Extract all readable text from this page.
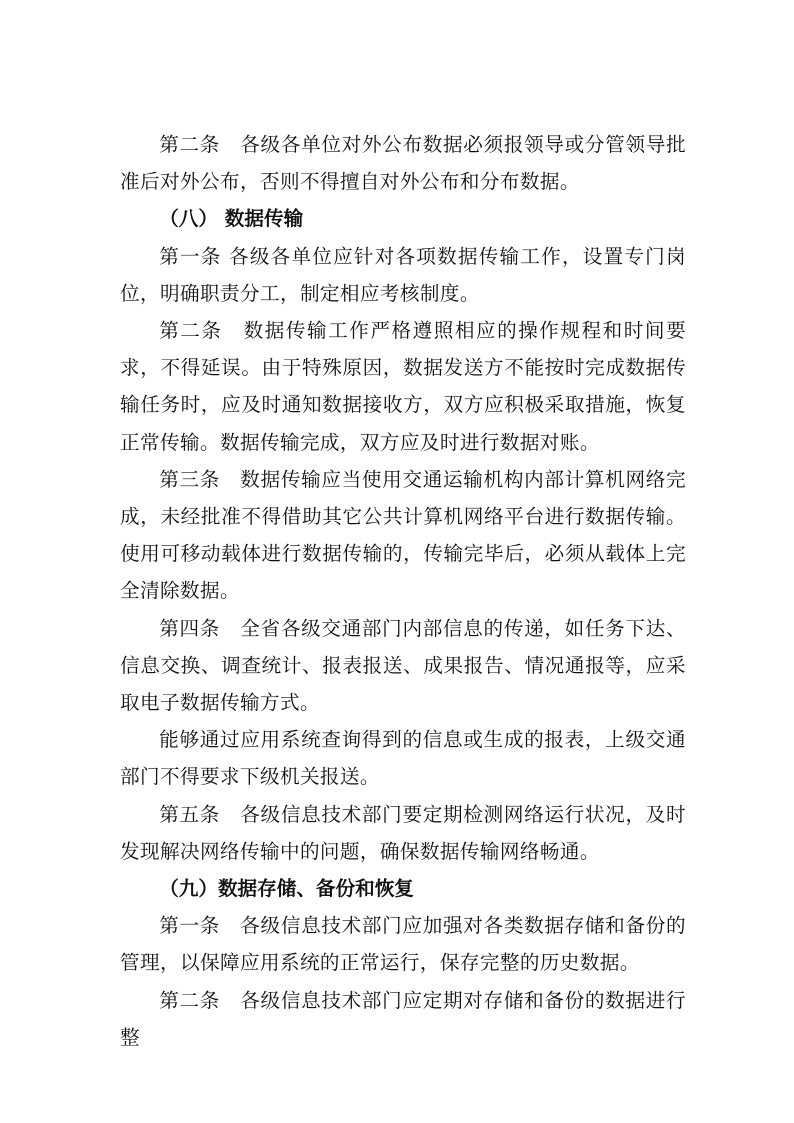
第二条　各级各单位对外公布数据必须报领导或分管领导批准后对外公布，否则不得擅自对外公布和分布数据。

（八） 数据传输

第一条 各级各单位应针对各项数据传输工作，设置专门岗位，明确职责分工，制定相应考核制度。

第二条　数据传输工作严格遵照相应的操作规程和时间要求，不得延误。由于特殊原因，数据发送方不能按时完成数据传输任务时，应及时通知数据接收方，双方应积极采取措施，恢复正常传输。数据传输完成，双方应及时进行数据对账。

第三条　数据传输应当使用交通运输机构内部计算机网络完成，未经批准不得借助其它公共计算机网络平台进行数据传输。使用可移动载体进行数据传输的，传输完毕后，必须从载体上完全清除数据。

第四条　全省各级交通部门内部信息的传递，如任务下达、信息交换、调查统计、报表报送、成果报告、情况通报等，应采取电子数据传输方式。

能够通过应用系统查询得到的信息或生成的报表，上级交通部门不得要求下级机关报送。

第五条　各级信息技术部门要定期检测网络运行状况，及时发现解决网络传输中的问题，确保数据传输网络畅通。

（九）数据存储、备份和恢复

第一条　各级信息技术部门应加强对各类数据存储和备份的管理，以保障应用系统的正常运行，保存完整的历史数据。

第二条　各级信息技术部门应定期对存储和备份的数据进行整
